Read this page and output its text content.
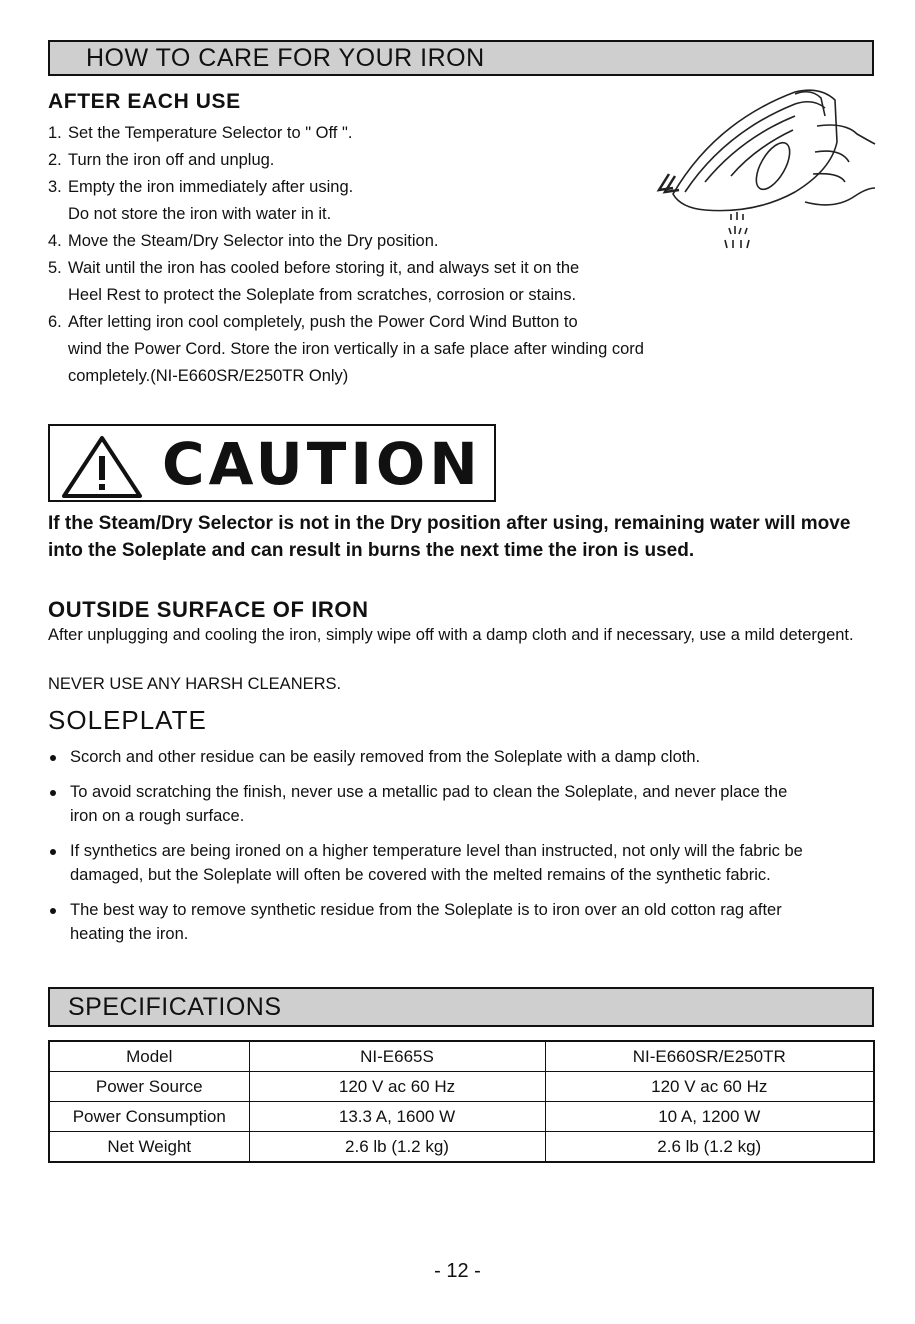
HOW TO CARE FOR YOUR IRON
AFTER EACH USE
1. Set the Temperature Selector to " Off ".
2. Turn the iron off and unplug.
3. Empty the iron immediately after using.
Do not store the iron with water in it.
4. Move the Steam/Dry Selector into the Dry position.
5. Wait until the iron has cooled before storing it, and always set it on the
Heel Rest to protect the Soleplate from scratches, corrosion or stains.
6. After letting iron cool completely, push the Power Cord Wind Button to
wind the Power Cord. Store the iron vertically in a safe place after winding cord
completely.(NI-E660SR/E250TR Only)
CAUTION
If the Steam/Dry Selector is not in the Dry position after using, remaining water will move into the Soleplate and can result in burns the next time the iron is used.
OUTSIDE SURFACE OF IRON
After unplugging and cooling the iron, simply wipe off with a damp cloth and if necessary, use a mild detergent.
NEVER USE ANY HARSH CLEANERS.
SOLEPLATE
Scorch and other residue can be easily removed from the Soleplate with a damp cloth.
To avoid scratching the finish, never use a metallic pad to clean the Soleplate, and never place the iron on a rough surface.
If synthetics are being ironed on a higher temperature level than instructed, not only will the fabric be damaged, but the Soleplate will often be covered with the melted remains of the synthetic fabric.
The best way to remove synthetic residue from the Soleplate is to iron over an old cotton rag after heating the iron.
SPECIFICATIONS
Model	NI-E665S	NI-E660SR/E250TR
Power Source	120 V ac 60 Hz	120 V ac 60 Hz
Power Consumption	13.3 A, 1600 W	10 A, 1200 W
Net Weight	2.6 lb (1.2 kg)	2.6 lb (1.2 kg)
- 12 -
